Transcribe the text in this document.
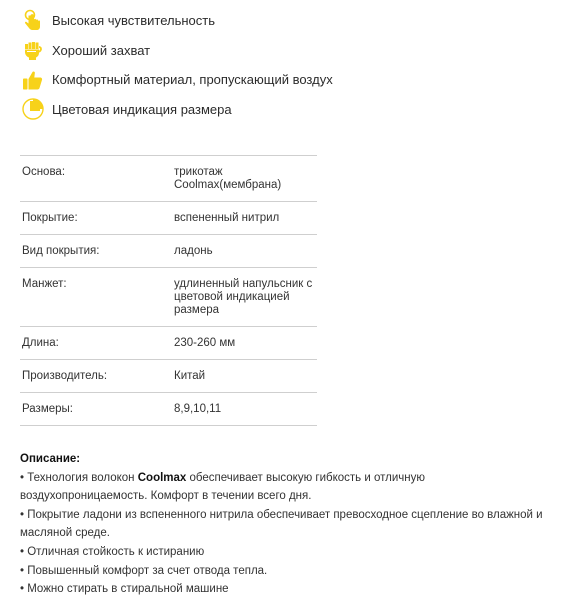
Высокая чувствительность
Хороший захват
Комфортный материал, пропускающий воздух
Цветовая индикация размера
Основа:	трикотаж
Coolmax(мембрана)
Покрытие:	вспененный нитрил
Вид покрытия:	ладонь
Манжет:	удлиненный напульсник с
цветовой индикацией
размера
Длина:	230-260 мм
Производитель:	Китай
Размеры:	8,9,10,11
Описание:
• Технология волокон Coolmax обеспечивает высокую гибкость и отличную
воздухопроницаемость. Комфорт в течении всего дня.
• Покрытие ладони из вспененного нитрила обеспечивает превосходное сцепление во влажной и
масляной среде.
• Отличная стойкость к истиранию
• Повышенный комфорт за счет отвода тепла.
• Можно стирать в стиральной машине
